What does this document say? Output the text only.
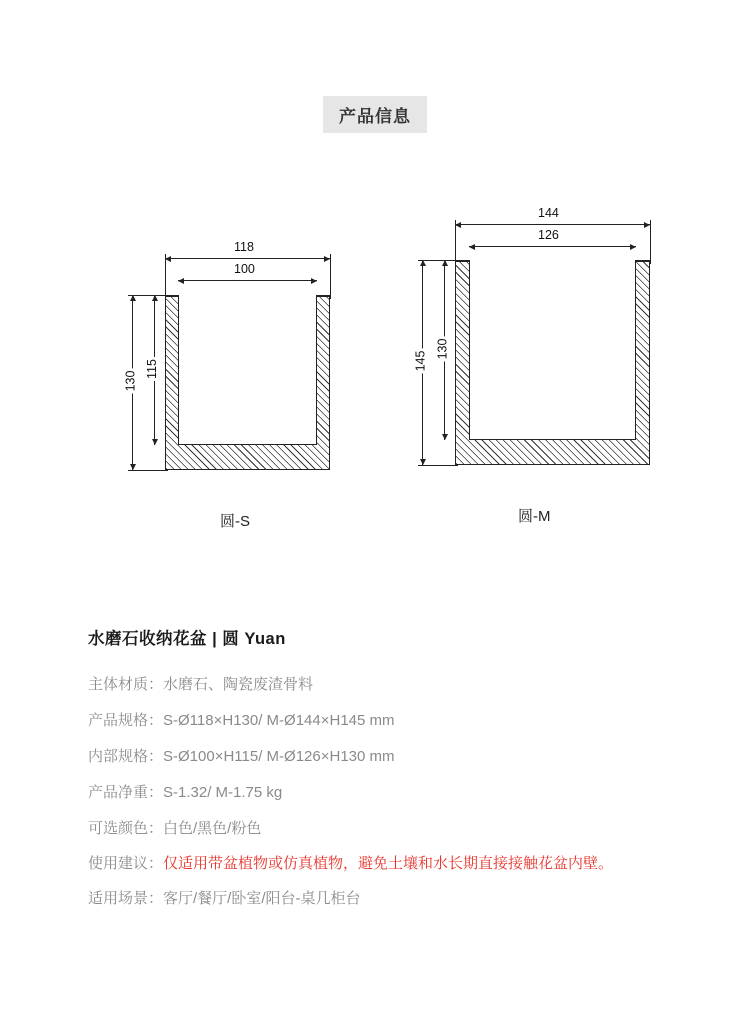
产品信息
118
100
130
115
圆-S
144
126
145
130
圆-M
水磨石收纳花盆 | 圆 Yuan
主体材质：水磨石、陶瓷废渣骨料
产品规格：S-Ø118×H130/ M-Ø144×H145 mm
内部规格：S-Ø100×H115/ M-Ø126×H130 mm
产品净重：S-1.32/ M-1.75 kg
可选颜色：白色/黑色/粉色
使用建议：仅适用带盆植物或仿真植物，避免土壤和水长期直接接触花盆内壁。
适用场景：客厅/餐厅/卧室/阳台-桌几柜台
